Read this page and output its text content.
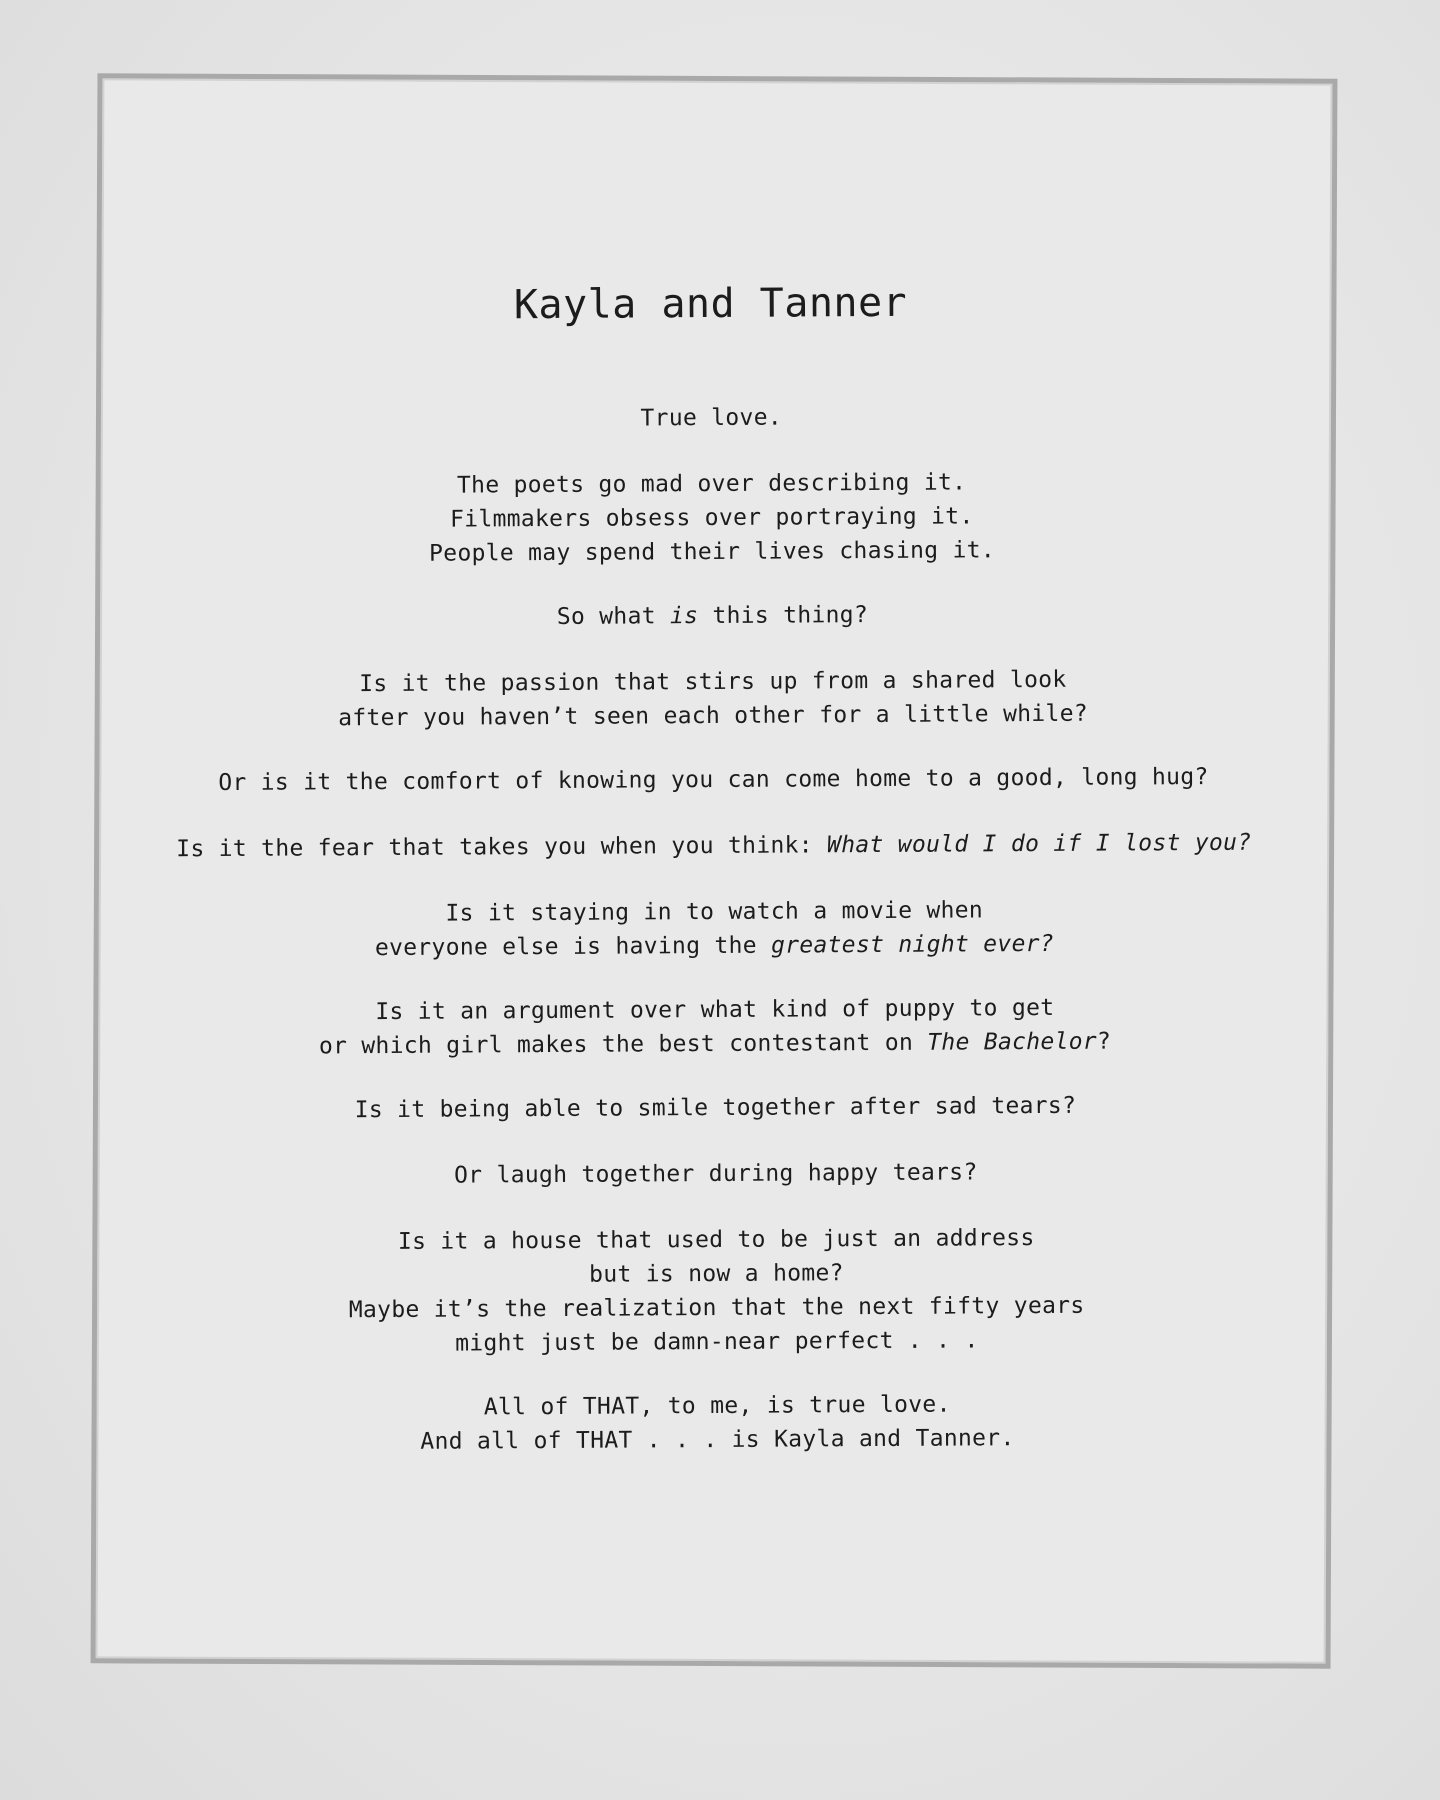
Kayla and Tanner
True love.
The poets go mad over describing it.
Filmmakers obsess over portraying it.
People may spend their lives chasing it.
So what is this thing?
Is it the passion that stirs up from a shared look
after you haven’t seen each other for a little while?
Or is it the comfort of knowing you can come home to a good, long hug?
Is it the fear that takes you when you think: What would I do if I lost you?
Is it staying in to watch a movie when
everyone else is having the greatest night ever?
Is it an argument over what kind of puppy to get
or which girl makes the best contestant on The Bachelor?
Is it being able to smile together after sad tears?
Or laugh together during happy tears?
Is it a house that used to be just an address
but is now a home?
Maybe it’s the realization that the next fifty years
might just be damn-near perfect . . .
All of THAT, to me, is true love.
And all of THAT . . . is Kayla and Tanner.
